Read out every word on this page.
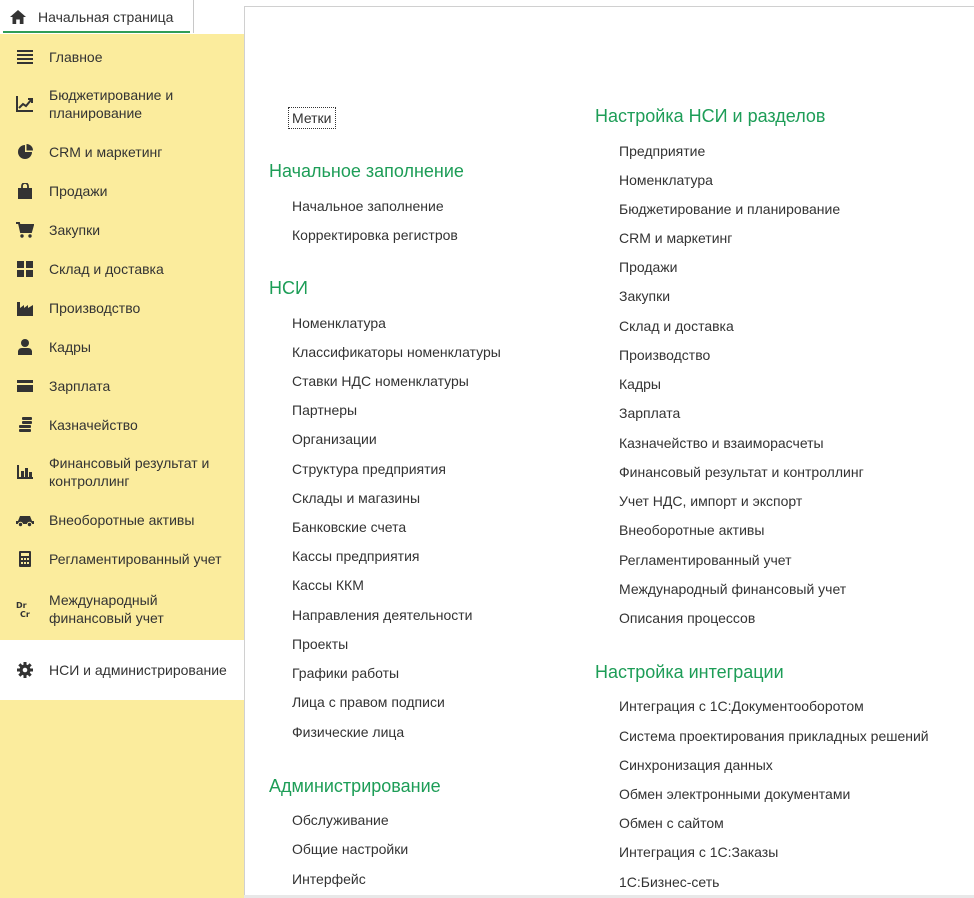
Начальная страница
Главное
Бюджетирование и планирование
CRM и маркетинг
Продажи
Закупки
Склад и доставка
Производство
Кадры
Зарплата
Казначейство
Финансовый результат и контроллинг
Внеоборотные активы
Регламентированный учет
Dr
Cr
Международный финансовый учет
НСИ и администрирование
Метки
Начальное заполнение
Начальное заполнение
Корректировка регистров
НСИ
Номенклатура
Классификаторы номенклатуры
Ставки НДС номенклатуры
Партнеры
Организации
Структура предприятия
Склады и магазины
Банковские счета
Кассы предприятия
Кассы ККМ
Направления деятельности
Проекты
Графики работы
Лица с правом подписи
Физические лица
Администрирование
Обслуживание
Общие настройки
Интерфейс
Настройка НСИ и разделов
Предприятие
Номенклатура
Бюджетирование и планирование
CRM и маркетинг
Продажи
Закупки
Склад и доставка
Производство
Кадры
Зарплата
Казначейство и взаиморасчеты
Финансовый результат и контроллинг
Учет НДС, импорт и экспорт
Внеоборотные активы
Регламентированный учет
Международный финансовый учет
Описания процессов
Настройка интеграции
Интеграция с 1С:Документооборотом
Система проектирования прикладных решений
Синхронизация данных
Обмен электронными документами
Обмен с сайтом
Интеграция с 1С:Заказы
1С:Бизнес-сеть
